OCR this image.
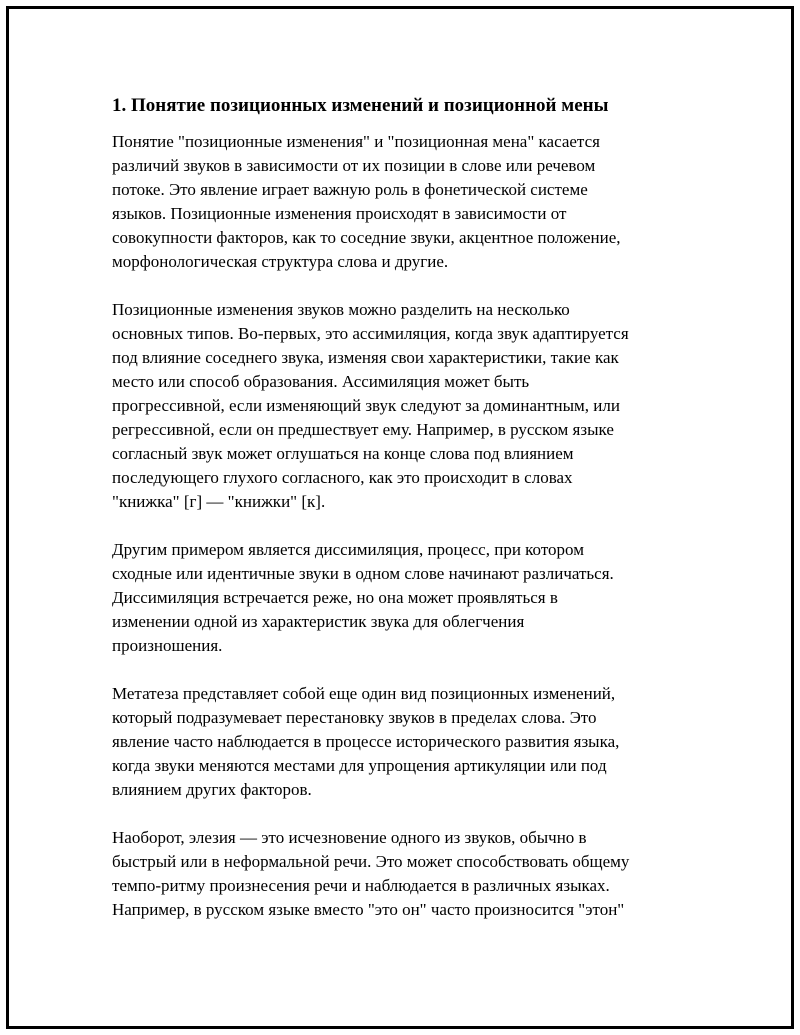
1. Понятие позиционных изменений и позиционной мены

Понятие "позиционные изменения" и "позиционная мена" касается
различий звуков в зависимости от их позиции в слове или речевом
потоке. Это явление играет важную роль в фонетической системе
языков. Позиционные изменения происходят в зависимости от
совокупности факторов, как то соседние звуки, акцентное положение,
морфонологическая структура слова и другие.

Позиционные изменения звуков можно разделить на несколько
основных типов. Во-первых, это ассимиляция, когда звук адаптируется
под влияние соседнего звука, изменяя свои характеристики, такие как
место или способ образования. Ассимиляция может быть
прогрессивной, если изменяющий звук следуют за доминантным, или
регрессивной, если он предшествует ему. Например, в русском языке
согласный звук может оглушаться на конце слова под влиянием
последующего глухого согласного, как это происходит в словах
"книжка" [г] — "книжки" [к].

Другим примером является диссимиляция, процесс, при котором
сходные или идентичные звуки в одном слове начинают различаться.
Диссимиляция встречается реже, но она может проявляться в
изменении одной из характеристик звука для облегчения
произношения.

Метатеза представляет собой еще один вид позиционных изменений,
который подразумевает перестановку звуков в пределах слова. Это
явление часто наблюдается в процессе исторического развития языка,
когда звуки меняются местами для упрощения артикуляции или под
влиянием других факторов.

Наоборот, элезия — это исчезновение одного из звуков, обычно в
быстрый или в неформальной речи. Это может способствовать общему
темпо-ритму произнесения речи и наблюдается в различных языках.
Например, в русском языке вместо "это он" часто произносится "этон"
